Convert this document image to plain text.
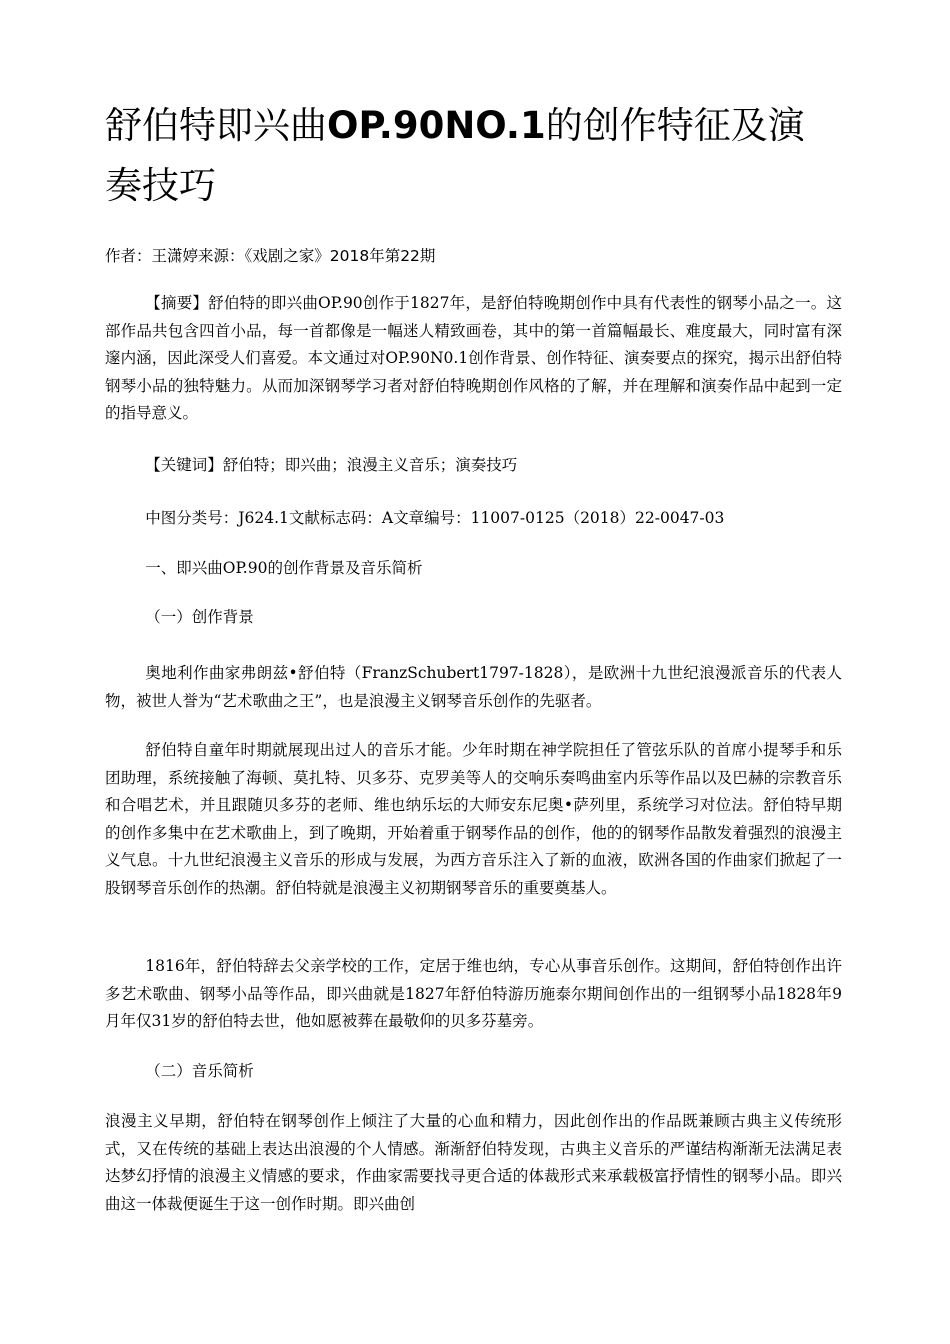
舒伯特即兴曲OP.90NO.1的创作特征及演奏技巧

作者：王潇婷来源：《戏剧之家》2018年第22期

【摘要】舒伯特的即兴曲OP.90创作于1827年，是舒伯特晚期创作中具有代表性的钢琴小品之一。这部作品共包含四首小品，每一首都像是一幅迷人精致画卷，其中的第一首篇幅最长、难度最大，同时富有深邃内涵，因此深受人们喜爱。本文通过对OP.90N0.1创作背景、创作特征、演奏要点的探究，揭示出舒伯特钢琴小品的独特魅力。从而加深钢琴学习者对舒伯特晚期创作风格的了解，并在理解和演奏作品中起到一定的指导意义。

【关键词】舒伯特；即兴曲；浪漫主义音乐；演奏技巧

中图分类号：J624.1文献标志码：A文章编号：11007-0125（2018）22-0047-03

一、即兴曲OP.90的创作背景及音乐简析

（一）创作背景

奥地利作曲家弗朗兹•舒伯特（FranzSchubert1797-1828），是欧洲十九世纪浪漫派音乐的代表人物，被世人誉为“艺术歌曲之王”，也是浪漫主义钢琴音乐创作的先驱者。

舒伯特自童年时期就展现出过人的音乐才能。少年时期在神学院担任了管弦乐队的首席小提琴手和乐团助理，系统接触了海顿、莫扎特、贝多芬、克罗美等人的交响乐奏鸣曲室内乐等作品以及巴赫的宗教音乐和合唱艺术，并且跟随贝多芬的老师、维也纳乐坛的大师安东尼奥•萨列里，系统学习对位法。舒伯特早期的创作多集中在艺术歌曲上，到了晚期，开始着重于钢琴作品的创作，他的的钢琴作品散发着强烈的浪漫主义气息。十九世纪浪漫主义音乐的形成与发展，为西方音乐注入了新的血液，欧洲各国的作曲家们掀起了一股钢琴音乐创作的热潮。舒伯特就是浪漫主义初期钢琴音乐的重要奠基人。

1816年，舒伯特辞去父亲学校的工作，定居于维也纳，专心从事音乐创作。这期间，舒伯特创作出许多艺术歌曲、钢琴小品等作品，即兴曲就是1827年舒伯特游历施泰尔期间创作出的一组钢琴小品1828年9月年仅31岁的舒伯特去世，他如愿被葬在最敬仰的贝多芬墓旁。

（二）音乐简析

浪漫主义早期，舒伯特在钢琴创作上倾注了大量的心血和精力，因此创作出的作品既兼顾古典主义传统形式，又在传统的基础上表达出浪漫的个人情感。渐渐舒伯特发现，古典主义音乐的严谨结构渐渐无法满足表达梦幻抒情的浪漫主义情感的要求，作曲家需要找寻更合适的体裁形式来承载极富抒情性的钢琴小品。即兴曲这一体裁便诞生于这一创作时期。即兴曲创
